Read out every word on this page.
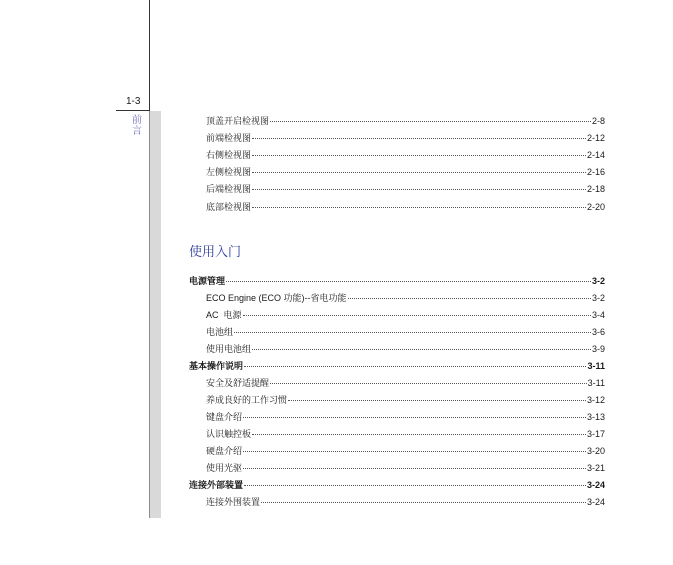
1-3
前言
顶盖开启检视图	2-8
前端检视图	2-12
右侧检视图	2-14
左侧检视图	2-16
后端检视图	2-18
底部检视图	2-20
使用入门
电源管理	3-2
ECO Engine (ECO 功能)--省电功能	3-2
AC  电源	3-4
电池组	3-6
使用电池组	3-9
基本操作说明	3-11
安全及舒适提醒	3-11
养成良好的工作习惯	3-12
键盘介绍	3-13
认识触控板	3-17
硬盘介绍	3-20
使用光驱	3-21
连接外部装置	3-24
连接外围装置	3-24
